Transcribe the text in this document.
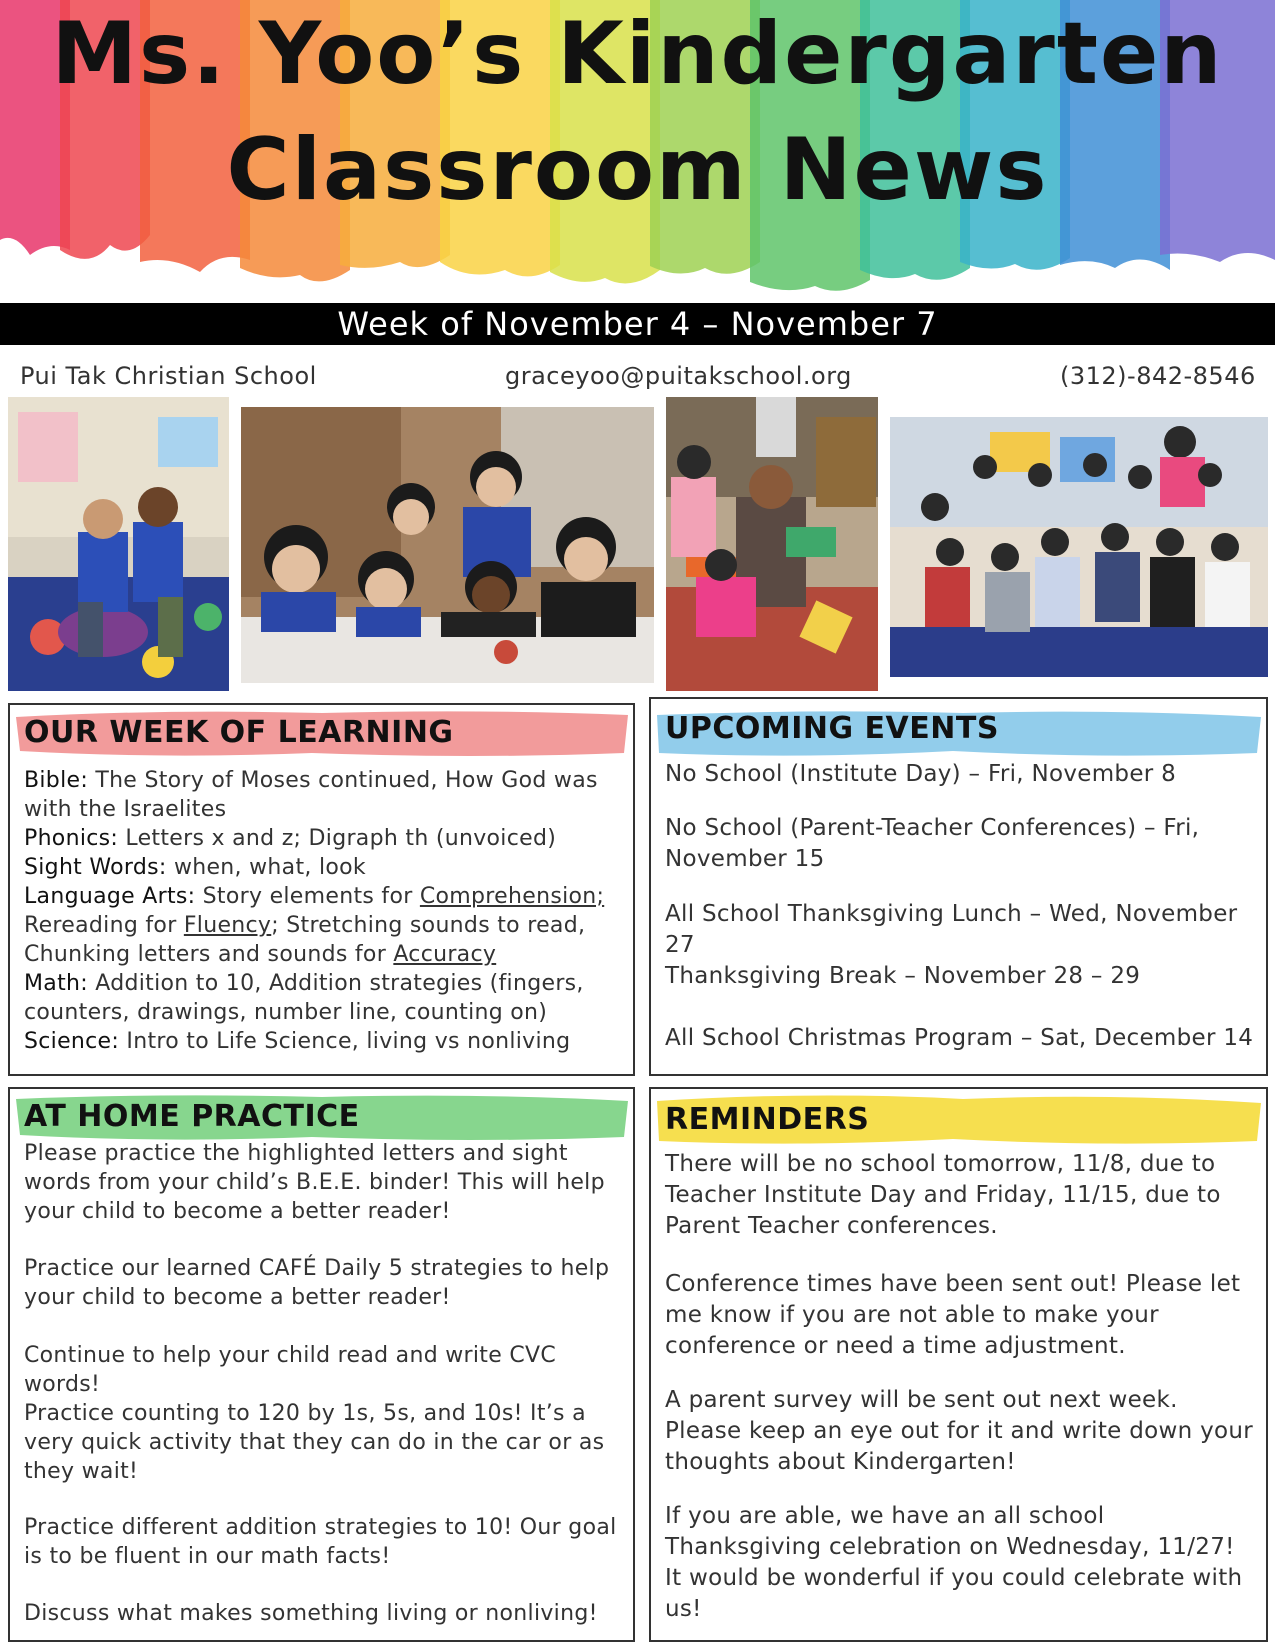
Ms. Yoo’s Kindergarten
Classroom News
Week of November 4 – November 7
Pui Tak Christian School	graceyoo@puitakschool.org	(312)-842-8546
OUR WEEK OF LEARNING
Bible: The Story of Moses continued, How God was with the Israelites
Phonics: Letters x and z; Digraph th (unvoiced)
Sight Words: when, what, look
Language Arts: Story elements for Comprehension; Rereading for Fluency; Stretching sounds to read, Chunking letters and sounds for Accuracy
Math: Addition to 10, Addition strategies (fingers, counters, drawings, number line, counting on)
Science: Intro to Life Science, living vs nonliving
UPCOMING EVENTS
No School (Institute Day) – Fri, November 8
No School (Parent-Teacher Conferences) – Fri, November 15
All School Thanksgiving Lunch – Wed, November 27
Thanksgiving Break – November 28 – 29
All School Christmas Program – Sat, December 14
AT HOME PRACTICE
Please practice the highlighted letters and sight words from your child’s B.E.E. binder! This will help your child to become a better reader!
Practice our learned CAFÉ Daily 5 strategies to help your child to become a better reader!
Continue to help your child read and write CVC words!
Practice counting to 120 by 1s, 5s, and 10s! It’s a very quick activity that they can do in the car or as they wait!
Practice different addition strategies to 10! Our goal is to be fluent in our math facts!
Discuss what makes something living or nonliving!
REMINDERS
There will be no school tomorrow, 11/8, due to Teacher Institute Day and Friday, 11/15, due to Parent Teacher conferences.
Conference times have been sent out! Please let me know if you are not able to make your conference or need a time adjustment.
A parent survey will be sent out next week. Please keep an eye out for it and write down your thoughts about Kindergarten!
If you are able, we have an all school Thanksgiving celebration on Wednesday, 11/27! It would be wonderful if you could celebrate with us!
